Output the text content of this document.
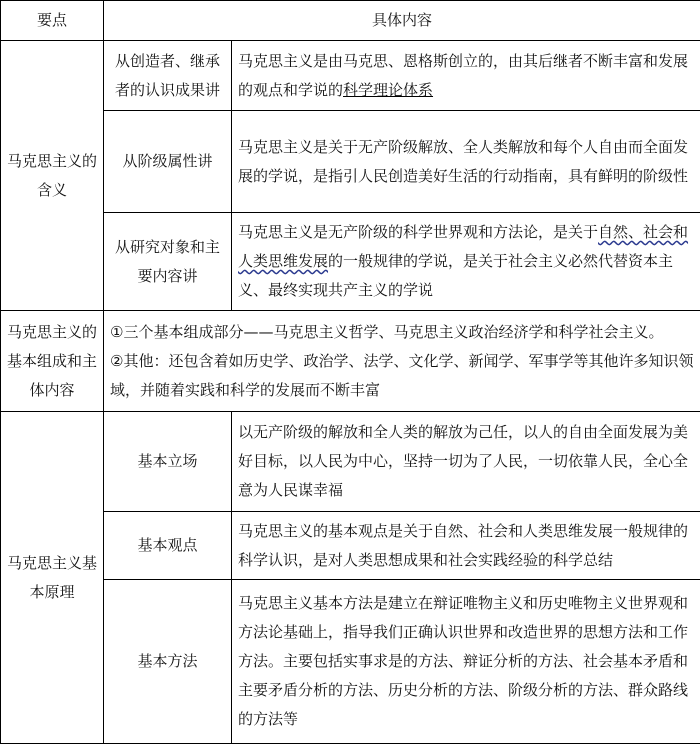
要点	具体内容	
马克思主义的含义	从创造者、继承者的认识成果讲	马克思主义是由马克思、恩格斯创立的，由其后继者不断丰富和发展的观点和学说的科学理论体系
	从阶级属性讲	马克思主义是关于无产阶级解放、全人类解放和每个人自由而全面发展的学说，是指引人民创造美好生活的行动指南，具有鲜明的阶级性
	从研究对象和主要内容讲	马克思主义是无产阶级的科学世界观和方法论，是关于自然、社会和人类思维发展的一般规律的学说，是关于社会主义必然代替资本主义、最终实现共产主义的学说
马克思主义的基本组成和主体内容	①三个基本组成部分——马克思主义哲学、马克思主义政治经济学和科学社会主义。
②其他：还包含着如历史学、政治学、法学、文化学、新闻学、军事学等其他许多知识领域，并随着实践和科学的发展而不断丰富	

马克思主义基本原理	基本立场	以无产阶级的解放和全人类的解放为己任，以人的自由全面发展为美好目标，以人民为中心，坚持一切为了人民，一切依靠人民，全心全意为人民谋幸福
	基本观点	马克思主义的基本观点是关于自然、社会和人类思维发展一般规律的科学认识，是对人类思想成果和社会实践经验的科学总结
	基本方法	马克思主义基本方法是建立在辩证唯物主义和历史唯物主义世界观和方法论基础上，指导我们正确认识世界和改造世界的思想方法和工作方法。主要包括实事求是的方法、辩证分析的方法、社会基本矛盾和主要矛盾分析的方法、历史分析的方法、阶级分析的方法、群众路线的方法等
